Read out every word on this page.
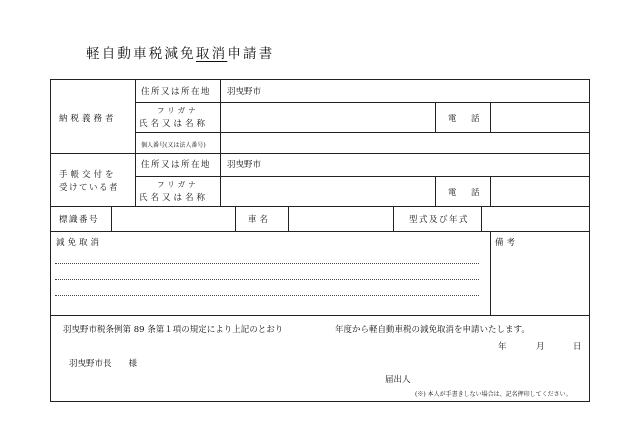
軽自動車税減免取消申請書
納税義務者
住所又は所在地 羽曳野市
フリガナ
氏名又は名称	電　話
個人番号(又は法人番号)
手帳交付を
受けている者
住所又は所在地 羽曳野市
フリガナ
氏名又は名称	電　話
標識番号	車名	型式及び年式
減免取消	備考
羽曳野市税条例第 89 条第１項の規定により上記のとおり	年度から軽自動車税の減免取消を申請いたします。
年	月	日
羽曳野市長　　様
届出人
(※) 本人が手書きしない場合は、記名押印してください。
